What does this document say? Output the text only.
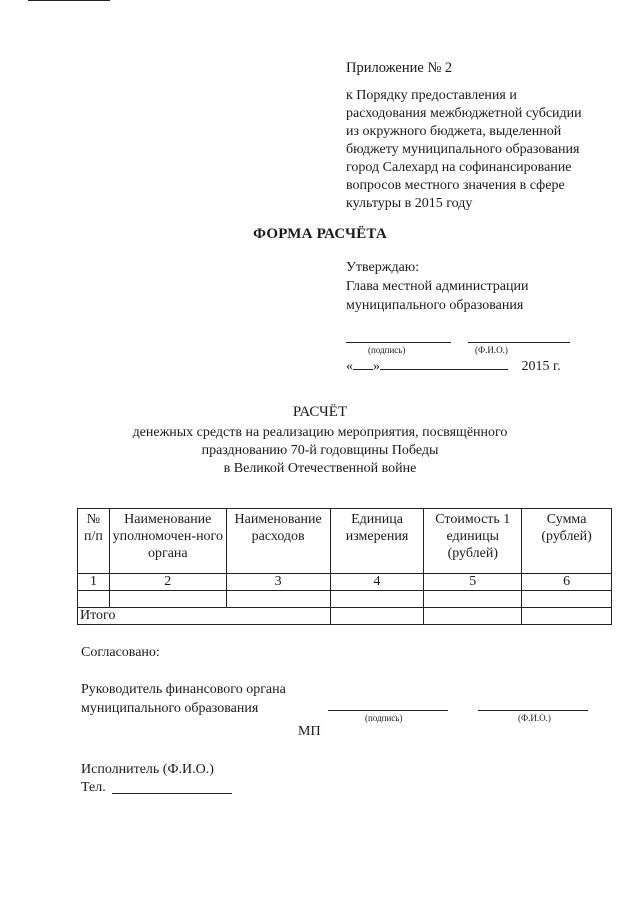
Приложение № 2
к Порядку предоставления и
расходования межбюджетной субсидии
из окружного бюджета, выделенной
бюджету муниципального образования
город Салехард на софинансирование
вопросов местного значения в сфере
культуры в 2015 году
ФОРМА РАСЧЁТА
Утверждаю:
Глава местной администрации
муниципального образования
(подпись)	(Ф.И.О.)
« »	2015 г.
РАСЧЁТ
денежных средств на реализацию мероприятия, посвящённого
празднованию 70-й годовщины Победы
в Великой Отечественной войне
№ п/п	Наименование уполномочен-ного органа	Наименование расходов	Единица измерения	Стоимость 1 единицы (рублей)	Сумма (рублей)
1	2	3	4	5	6

Итого					
Согласовано:
Руководитель финансового органа
муниципального образования
(подпись)	(Ф.И.О.)
МП
Исполнитель (Ф.И.О.)
Тел.
